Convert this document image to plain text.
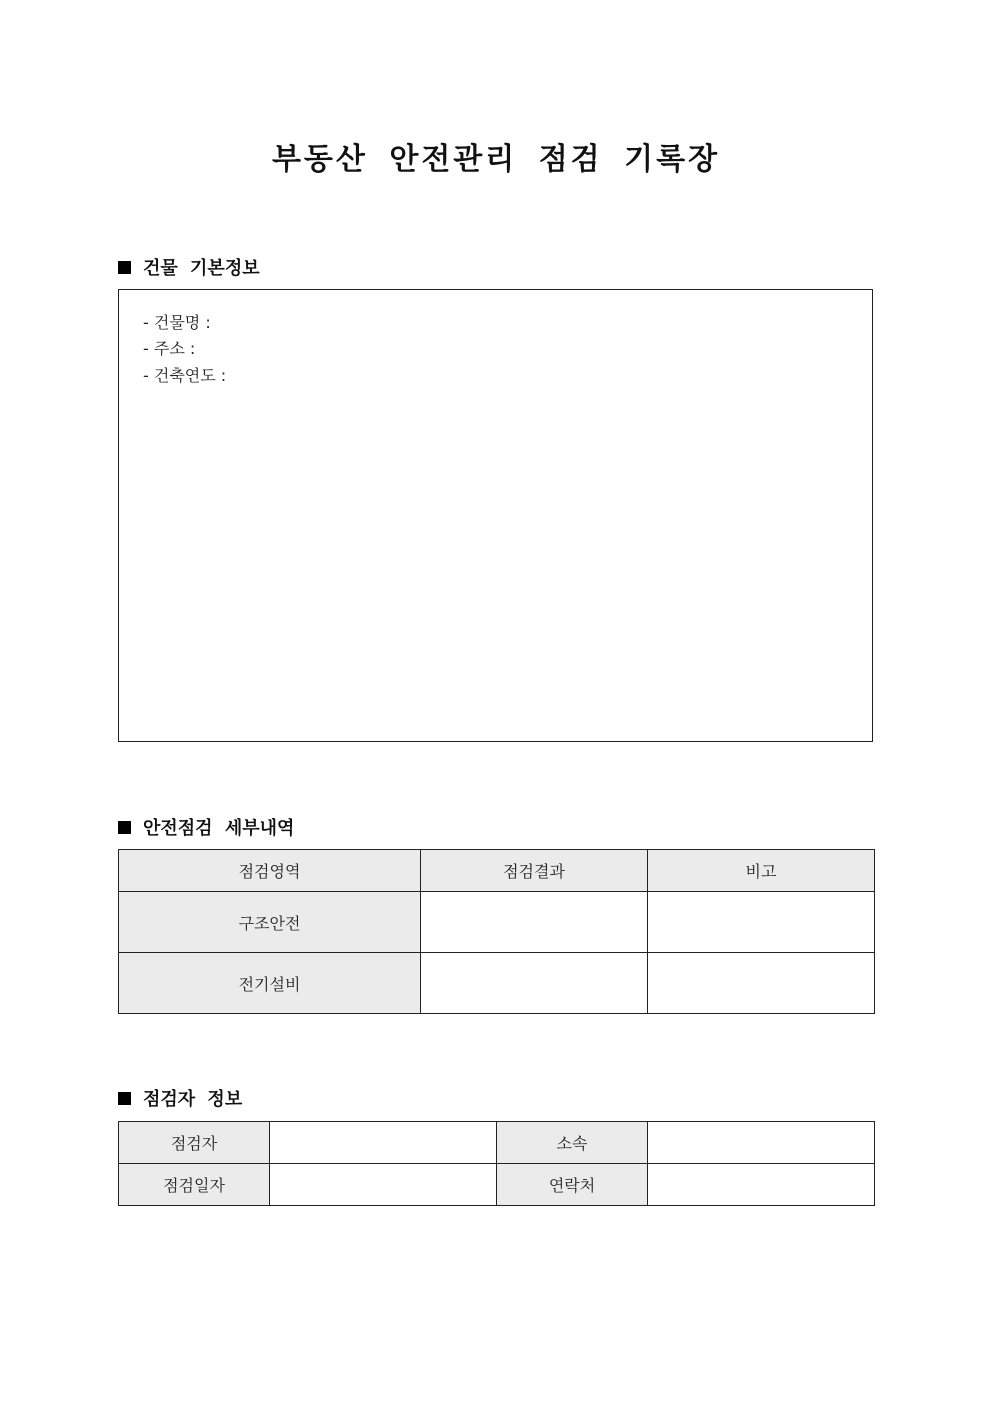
부동산 안전관리 점검 기록장
건물 기본정보
- 건물명 :
- 주소 :
- 건축연도 :
안전점검 세부내역
점검영역	점검결과	비고
구조안전		
전기설비		
점검자 정보
점검자		소속	
점검일자		연락처	
